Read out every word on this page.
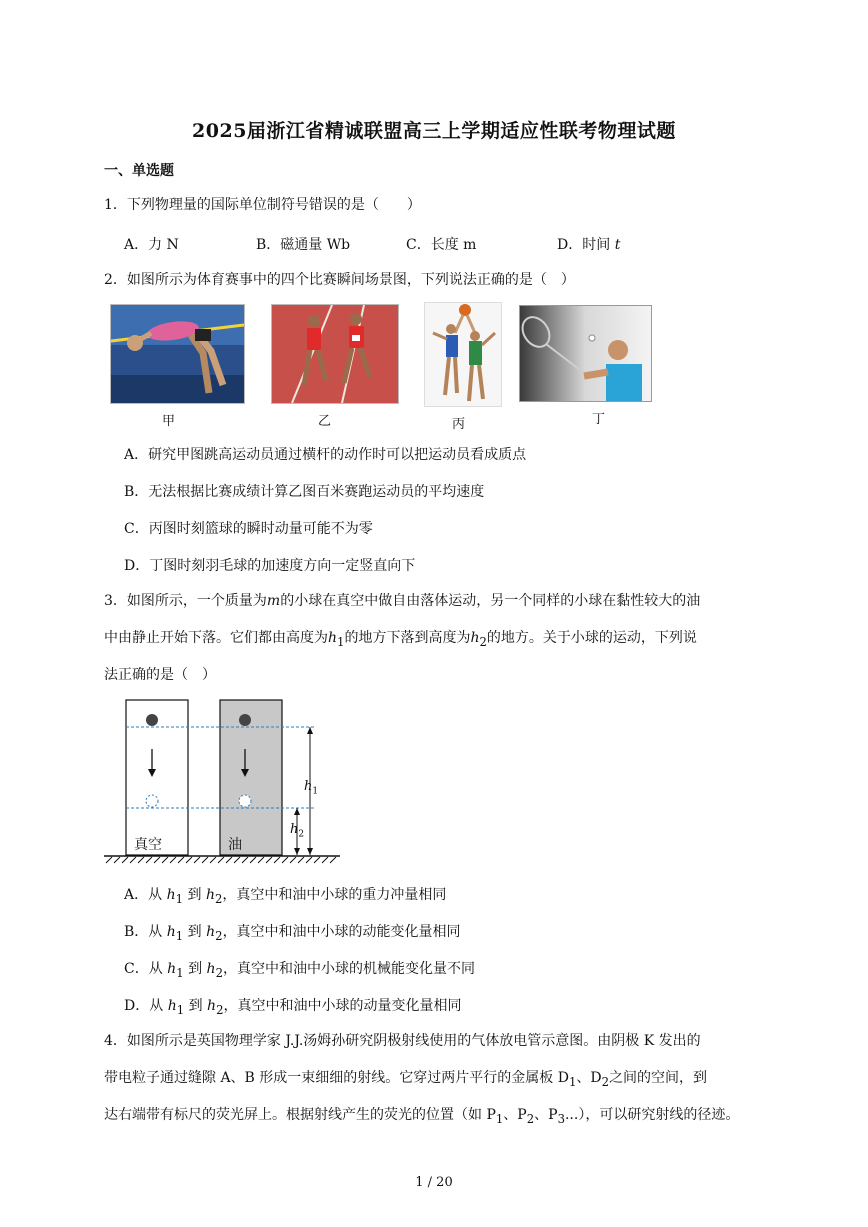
2025届浙江省精诚联盟高三上学期适应性联考物理试题
一、单选题
1．下列物理量的国际单位制符号错误的是（　　）
A．力 N	B．磁通量 Wb	C．长度 m	D．时间 t
2．如图所示为体育赛事中的四个比赛瞬间场景图，下列说法正确的是（　）
甲	乙	丙	丁
A．研究甲图跳高运动员通过横杆的动作时可以把运动员看成质点
B．无法根据比赛成绩计算乙图百米赛跑运动员的平均速度
C．丙图时刻篮球的瞬时动量可能不为零
D．丁图时刻羽毛球的加速度方向一定竖直向下
3．如图所示，一个质量为m的小球在真空中做自由落体运动，另一个同样的小球在黏性较大的油
中由静止开始下落。它们都由高度为$h_1$的地方下落到高度为$h_2$的地方。关于小球的运动，下列说
法正确的是（　）
真空	油
$h_1$
$h_2$
A．从 $h_1$ 到 $h_2$，真空中和油中小球的重力冲量相同
B．从 $h_1$ 到 $h_2$，真空中和油中小球的动能变化量相同
C．从 $h_1$ 到 $h_2$，真空中和油中小球的机械能变化量不同
D．从 $h_1$ 到 $h_2$，真空中和油中小球的动量变化量相同
4．如图所示是英国物理学家 J.J.汤姆孙研究阴极射线使用的气体放电管示意图。由阴极 K 发出的
带电粒子通过缝隙 A、B 形成一束细细的射线。它穿过两片平行的金属板 $D_1$、$D_2$之间的空间，到
达右端带有标尺的荧光屏上。根据射线产生的荧光的位置（如 $P_1$、$P_2$、$P_3$...），可以研究射线的径迹。
1 / 20
